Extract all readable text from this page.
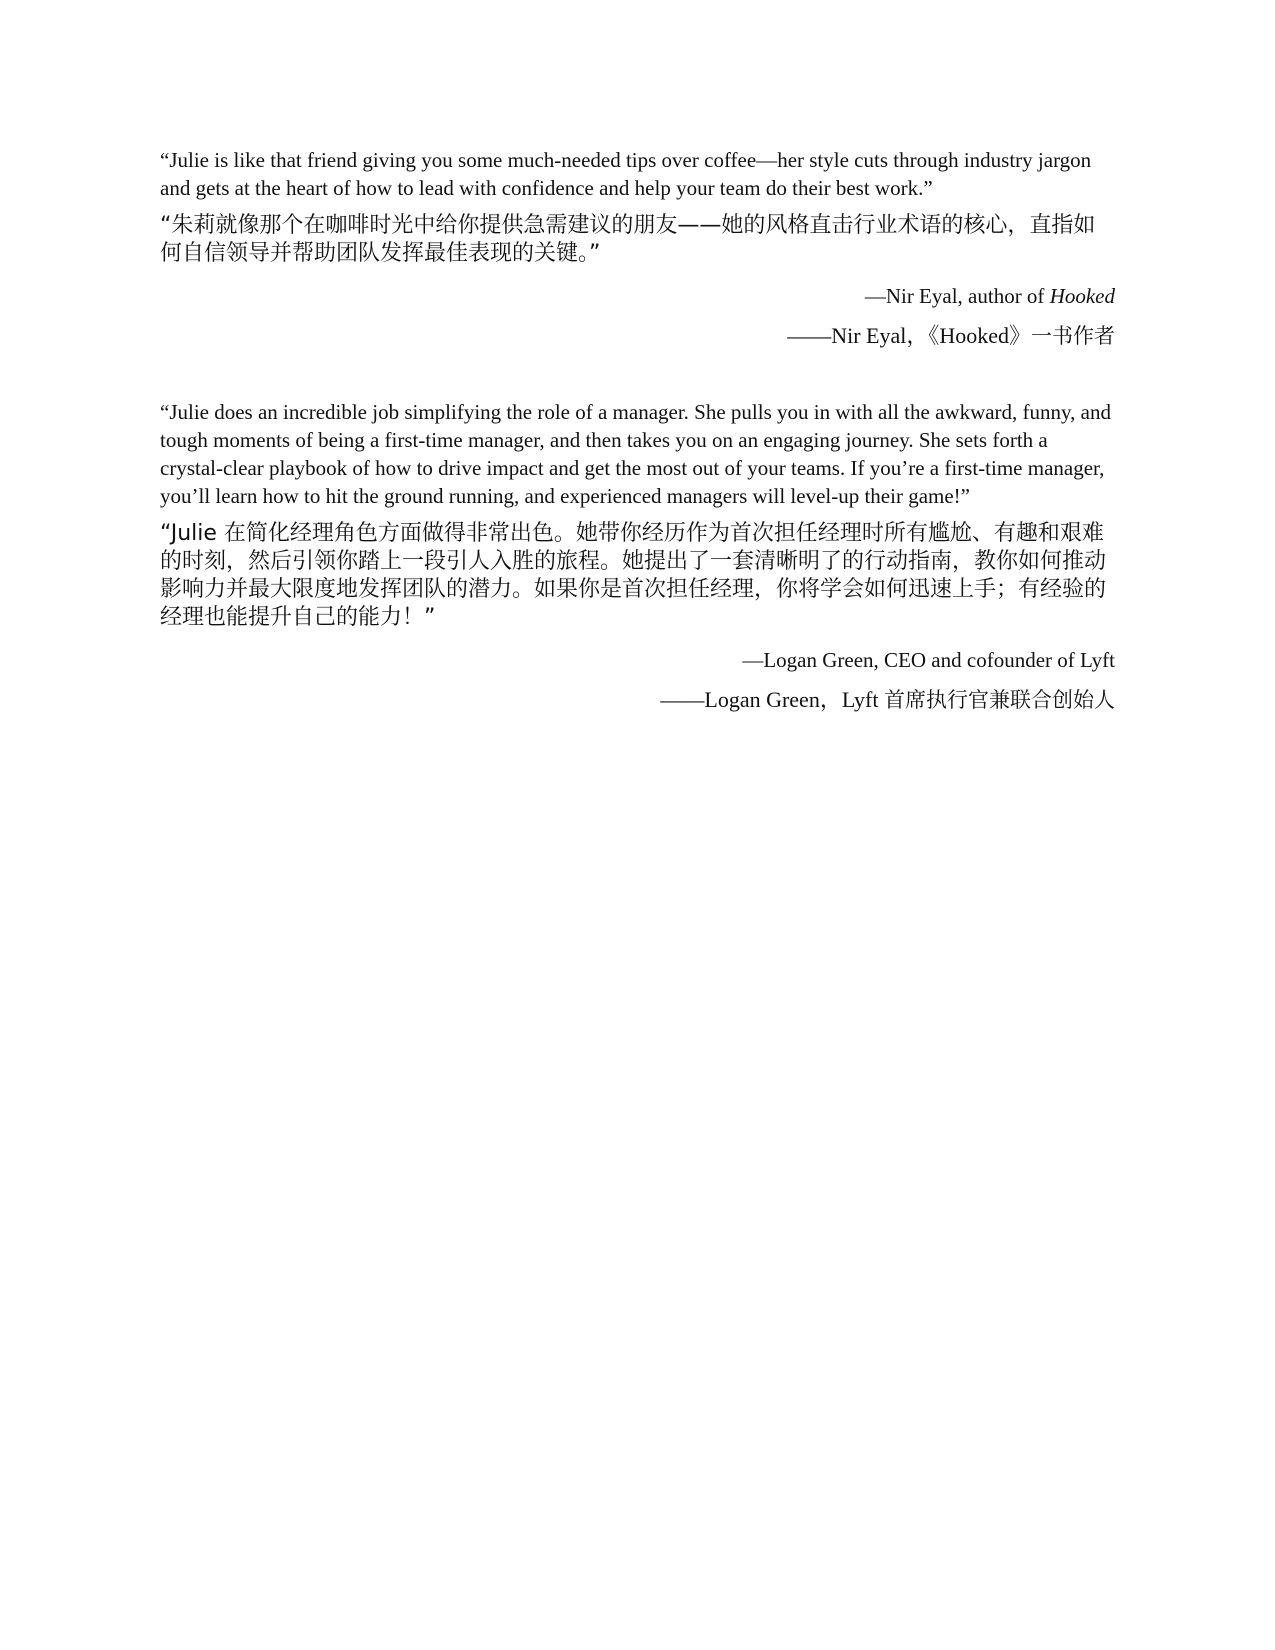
“Julie is like that friend giving you some much-needed tips over coffee—her style cuts through industry jargon and gets at the heart of how to lead with confidence and help your team do their best work.”

“朱莉就像那个在咖啡时光中给你提供急需建议的朋友——她的风格直击行业术语的核心，直指如何自信领导并帮助团队发挥最佳表现的关键。”

—Nir Eyal, author of Hooked

——Nir Eyal，《Hooked》一书作者

“Julie does an incredible job simplifying the role of a manager. She pulls you in with all the awkward, funny, and tough moments of being a first-time manager, and then takes you on an engaging journey. She sets forth a crystal-clear playbook of how to drive impact and get the most out of your teams. If you’re a first-time manager, you’ll learn how to hit the ground running, and experienced managers will level-up their game!”

“Julie 在简化经理角色方面做得非常出色。她带你经历作为首次担任经理时所有尴尬、有趣和艰难的时刻，然后引领你踏上一段引人入胜的旅程。她提出了一套清晰明了的行动指南，教你如何推动影响力并最大限度地发挥团队的潜力。如果你是首次担任经理，你将学会如何迅速上手；有经验的经理也能提升自己的能力！”

—Logan Green, CEO and cofounder of Lyft

——Logan Green，Lyft 首席执行官兼联合创始人
